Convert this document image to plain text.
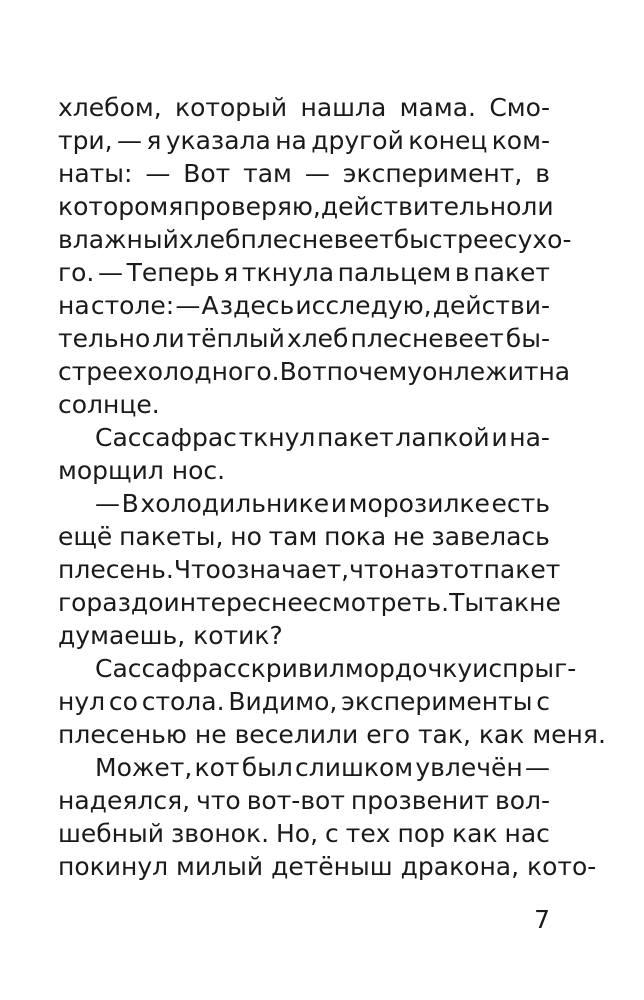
хлебом, который нашла мама. Смо-
три, — я указала на другой конец ком-
наты: — Вот там — эксперимент, в
котором я проверяю, действительно ли
влажный хлеб плесневеет быстрее сухо-
го. — Теперь я ткнула пальцем в пакет
на столе: — А здесь исследую, действи-
тельно ли тёплый хлеб плесневеет бы-
стрее холодного. Вот почему он лежит на
солнце.
Сассафрас ткнул пакет лапкой и на-
морщил нос.
— В холодильнике и морозилке есть
ещё пакеты, но там пока не завелась
плесень. Что означает, что на этот пакет
гораздо интереснее смотреть. Ты так не
думаешь, котик?
Сассафрас скривил мордочку и спрыг-
нул со стола. Видимо, эксперименты с
плесенью не веселили его так, как меня.
Может, кот был слишком увлечён —
надеялся, что вот-вот прозвенит вол-
шебный звонок. Но, с тех пор как нас
покинул милый детёныш дракона, кото-
7
